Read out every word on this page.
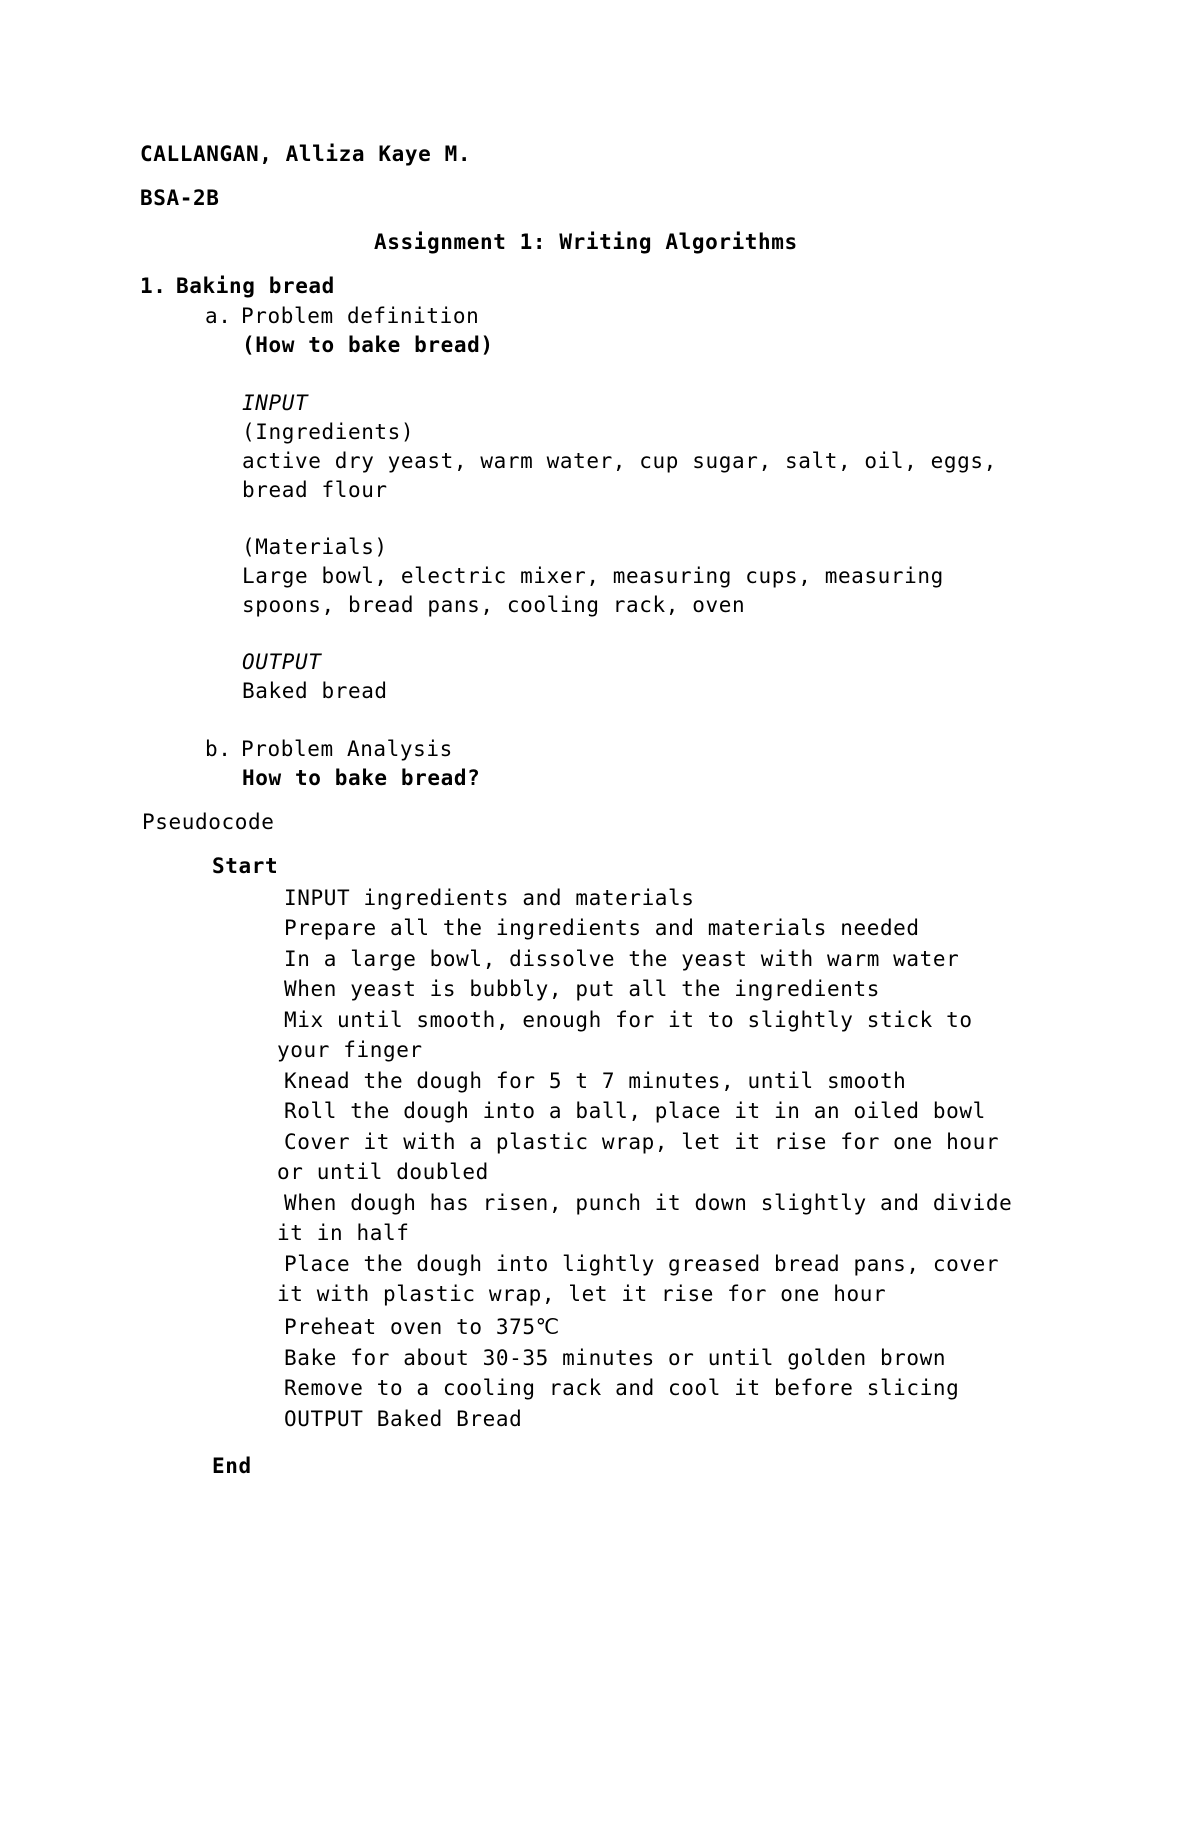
CALLANGAN, Alliza Kaye M.
BSA-2B
Assignment 1: Writing Algorithms
1. Baking bread
a. Problem definition
(How to bake bread)
INPUT
(Ingredients)
active dry yeast, warm water, cup sugar, salt, oil, eggs,
bread flour
(Materials)
Large bowl, electric mixer, measuring cups, measuring
spoons, bread pans, cooling rack, oven
OUTPUT
Baked bread
b. Problem Analysis
How to bake bread?
Pseudocode
Start
INPUT ingredients and materials
Prepare all the ingredients and materials needed
In a large bowl, dissolve the yeast with warm water
When yeast is bubbly, put all the ingredients
Mix until smooth, enough for it to slightly stick to
your finger
Knead the dough for 5 t 7 minutes, until smooth
Roll the dough into a ball, place it in an oiled bowl
Cover it with a plastic wrap, let it rise for one hour
or until doubled
When dough has risen, punch it down slightly and divide
it in half
Place the dough into lightly greased bread pans, cover
it with plastic wrap, let it rise for one hour
Preheat oven to 375℃
Bake for about 30-35 minutes or until golden brown
Remove to a cooling rack and cool it before slicing
OUTPUT Baked Bread
End
